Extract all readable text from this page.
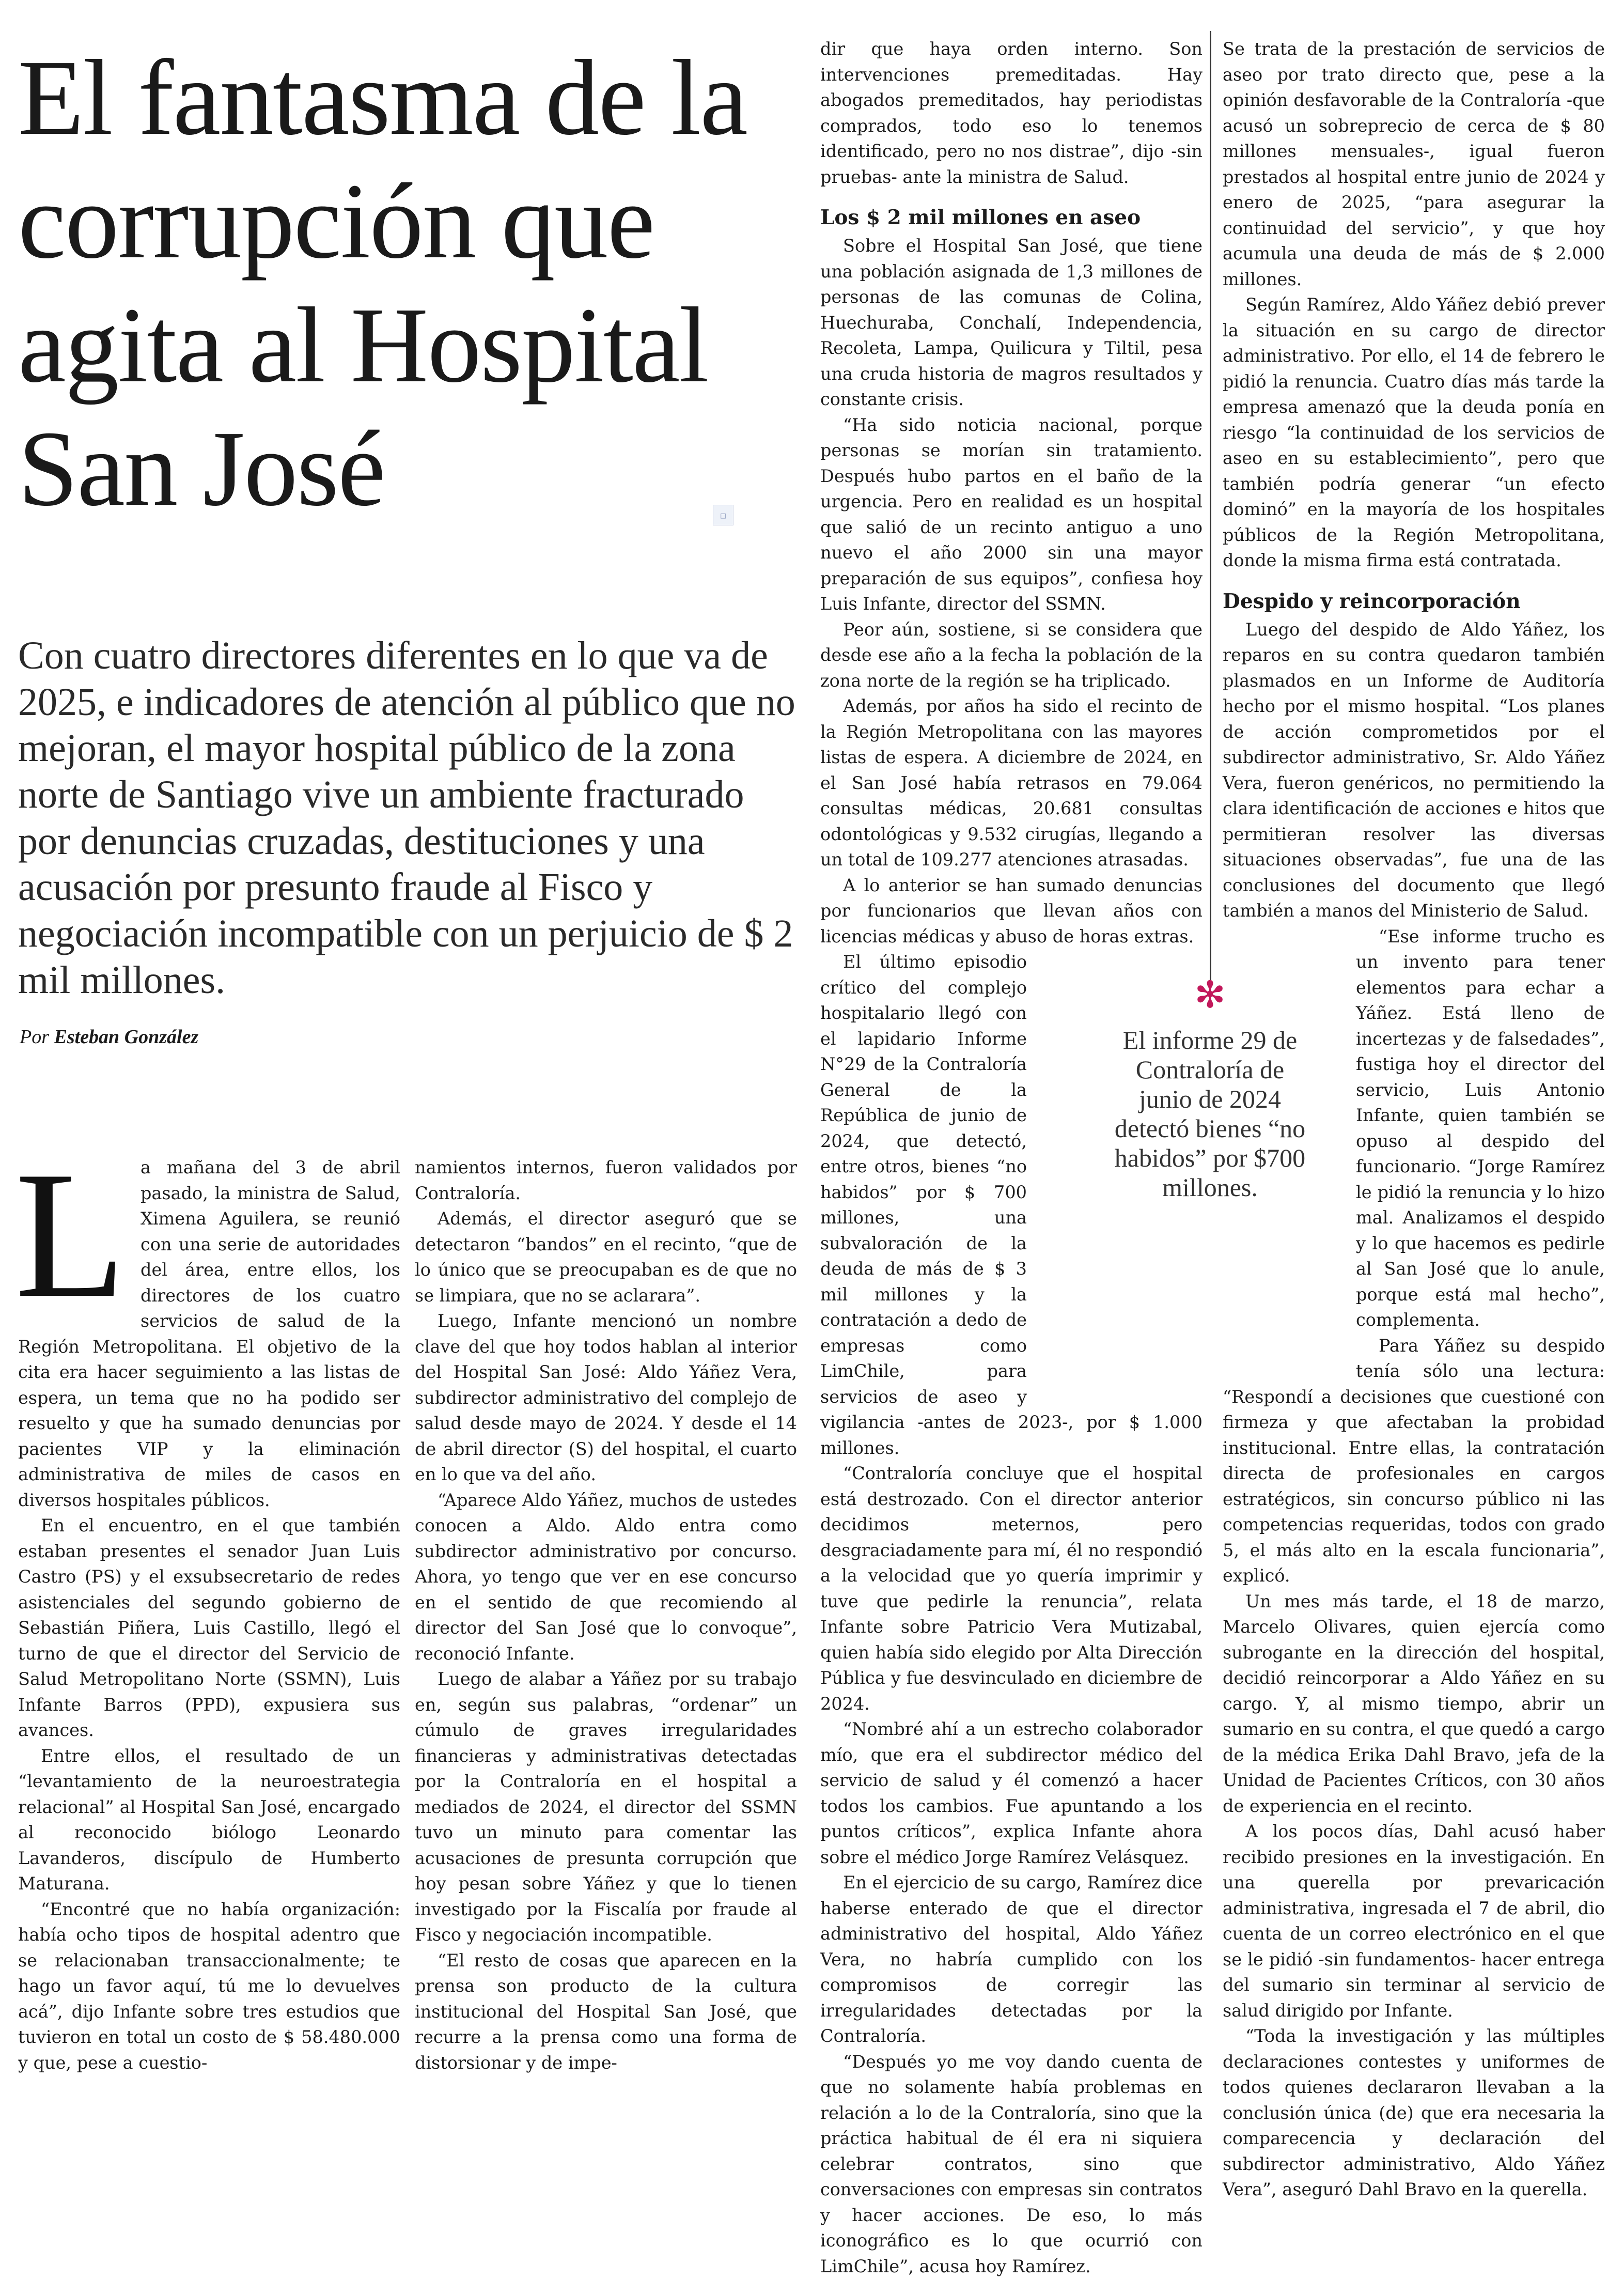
El fantasma de la corrupción que agita al Hospital San José	▫

Con cuatro directores diferentes en lo que va de 2025, e indicadores de atención al público que no mejoran, el mayor hospital público de la zona norte de Santiago vive un ambiente fracturado por denuncias cruzadas, destituciones y una acusación por presunto fraude al Fisco y negociación incompatible con un perjuicio de $ 2 mil millones.

Por Esteban González
L a mañana del 3 de abril pasado, la ministra de Salud, Ximena Aguilera, se reunió con una serie de autoridades del área, entre ellos, los directores de los cuatro servicios de salud de la Región Metropolitana. El objetivo de la cita era hacer seguimiento a las listas de espera, un tema que no ha podido ser resuelto y que ha sumado denuncias por pacientes VIP y la eliminación administrativa de miles de casos en diversos hospitales públicos.

En el encuentro, en el que también estaban presentes el senador Juan Luis Castro (PS) y el exsubsecretario de redes asistenciales del segundo gobierno de Sebastián Piñera, Luis Castillo, llegó el turno de que el director del Servicio de Salud Metropolitano Norte (SSMN), Luis Infante Barros (PPD), expusiera sus avances.

Entre ellos, el resultado de un “levantamiento de la neuroestrategia relacional” al Hospital San José, encargado al reconocido biólogo Leonardo Lavanderos, discípulo de Humberto Maturana.

“Encontré que no había organización: había ocho tipos de hospital adentro que se relacionaban transaccionalmente; te hago un favor aquí, tú me lo devuelves acá”, dijo Infante sobre tres estudios que tuvieron en total un costo de $ 58.480.000 y que, pese a cuestio-

namientos internos, fueron validados por Contraloría.

Además, el director aseguró que se detectaron “bandos” en el recinto, “que de lo único que se preocupaban es de que no se limpiara, que no se aclarara”.

Luego, Infante mencionó un nombre clave del que hoy todos hablan al interior del Hospital San José: Aldo Yáñez Vera, subdirector administrativo del complejo de salud desde mayo de 2024. Y desde el 14 de abril director (S) del hospital, el cuarto en lo que va del año.

“Aparece Aldo Yáñez, muchos de ustedes conocen a Aldo. Aldo entra como subdirector administrativo por concurso. Ahora, yo tengo que ver en ese concurso en el sentido de que recomiendo al director del San José que lo convoque”, reconoció Infante.

Luego de alabar a Yáñez por su trabajo en, según sus palabras, “ordenar” un cúmulo de graves irregularidades financieras y administrativas detectadas por la Contraloría en el hospital a mediados de 2024, el director del SSMN tuvo un minuto para comentar las acusaciones de presunta corrupción que hoy pesan sobre Yáñez y que lo tienen investigado por la Fiscalía por fraude al Fisco y negociación incompatible.

“El resto de cosas que aparecen en la prensa son producto de la cultura institucional del Hospital San José, que recurre a la prensa como una forma de distorsionar y de impe-

dir que haya orden interno. Son intervenciones premeditadas. Hay abogados premeditados, hay periodistas comprados, todo eso lo tenemos identificado, pero no nos distrae”, dijo -sin pruebas- ante la ministra de Salud.

Los $ 2 mil millones en aseo

Sobre el Hospital San José, que tiene una población asignada de 1,3 millones de personas de las comunas de Colina, Huechuraba, Conchalí, Independencia, Recoleta, Lampa, Quilicura y Tiltil, pesa una cruda historia de magros resultados y constante crisis.

“Ha sido noticia nacional, porque personas se morían sin tratamiento. Después hubo partos en el baño de la urgencia. Pero en realidad es un hospital que salió de un recinto antiguo a uno nuevo el año 2000 sin una mayor preparación de sus equipos”, confiesa hoy Luis Infante, director del SSMN.

Peor aún, sostiene, si se considera que desde ese año a la fecha la población de la zona norte de la región se ha triplicado.

Además, por años ha sido el recinto de la Región Metropolitana con las mayores listas de espera. A diciembre de 2024, en el San José había retrasos en 79.064 consultas médicas, 20.681 consultas odontológicas y 9.532 cirugías, llegando a un total de 109.277 atenciones atrasadas.

A lo anterior se han sumado denuncias por funcionarios que llevan años con licencias médicas y abuso de horas extras.

El último episodio crítico del complejo hospitalario llegó con el lapidario Informe N°29 de la Contraloría General de la República de junio de 2024, que detectó, entre otros, bienes “no habidos” por $ 700 millones, una subvaloración de la deuda de más de $ 3 mil millones y la contratación a dedo de empresas como LimChile, para servicios de aseo y vigilancia -antes de 2023-, por $ 1.000 millones.

“Contraloría concluye que el hospital está destrozado. Con el director anterior decidimos meternos, pero desgraciadamente para mí, él no respondió a la velocidad que yo quería imprimir y tuve que pedirle la renuncia”, relata Infante sobre Patricio Vera Mutizabal, quien había sido elegido por Alta Dirección Pública y fue desvinculado en diciembre de 2024.

“Nombré ahí a un estrecho colaborador mío, que era el subdirector médico del servicio de salud y él comenzó a hacer todos los cambios. Fue apuntando a los puntos críticos”, explica Infante ahora sobre el médico Jorge Ramírez Velásquez.

En el ejercicio de su cargo, Ramírez dice haberse enterado de que el director administrativo del hospital, Aldo Yáñez Vera, no habría cumplido con los compromisos de corregir las irregularidades detectadas por la Contraloría.

“Después yo me voy dando cuenta de que no solamente había problemas en relación a lo de la Contraloría, sino que la práctica habitual de él era ni siquiera celebrar contratos, sino que conversaciones con empresas sin contratos y hacer acciones. De eso, lo más iconográfico es lo que ocurrió con LimChile”, acusa hoy Ramírez.

Se trata de la prestación de servicios de aseo por trato directo que, pese a la opinión desfavorable de la Contraloría -que acusó un sobreprecio de cerca de $ 80 millones mensuales-, igual fueron prestados al hospital entre junio de 2024 y enero de 2025, “para asegurar la continuidad del servicio”, y que hoy acumula una deuda de más de $ 2.000 millones.

Según Ramírez, Aldo Yáñez debió prever la situación en su cargo de director administrativo. Por ello, el 14 de febrero le pidió la renuncia. Cuatro días más tarde la empresa amenazó que la deuda ponía en riesgo “la continuidad de los servicios de aseo en su establecimiento”, pero que también podría generar “un efecto dominó” en la mayoría de los hospitales públicos de la Región Metropolitana, donde la misma firma está contratada.

Despido y reincorporación

Luego del despido de Aldo Yáñez, los reparos en su contra quedaron también plasmados en un Informe de Auditoría hecho por el mismo hospital. “Los planes de acción comprometidos por el subdirector administrativo, Sr. Aldo Yáñez Vera, fueron genéricos, no permitiendo la clara identificación de acciones e hitos que permitieran resolver las diversas situaciones observadas”, fue una de las conclusiones del documento que llegó también a manos del Ministerio de Salud.

“Ese informe trucho es un invento para tener elementos para echar a Yáñez. Está lleno de incertezas y de falsedades”, fustiga hoy el director del servicio, Luis Antonio Infante, quien también se opuso al despido del funcionario. “Jorge Ramírez le pidió la renuncia y lo hizo mal. Analizamos el despido y lo que hacemos es pedirle al San José que lo anule, porque está mal hecho”, complementa.

Para Yáñez su despido tenía sólo una lectura: “Respondí a decisiones que cuestioné con firmeza y que afectaban la probidad institucional. Entre ellas, la contratación directa de profesionales en cargos estratégicos, sin concurso público ni las competencias requeridas, todos con grado 5, el más alto en la escala funcionaria”, explicó.

Un mes más tarde, el 18 de marzo, Marcelo Olivares, quien ejercía como subrogante en la dirección del hospital, decidió reincorporar a Aldo Yáñez en su cargo. Y, al mismo tiempo, abrir un sumario en su contra, el que quedó a cargo de la médica Erika Dahl Bravo, jefa de la Unidad de Pacientes Críticos, con 30 años de experiencia en el recinto.

A los pocos días, Dahl acusó haber recibido presiones en la investigación. En una querella por prevaricación administrativa, ingresada el 7 de abril, dio cuenta de un correo electrónico en el que se le pidió -sin fundamentos- hacer entrega del sumario sin terminar al servicio de salud dirigido por Infante.

“Toda la investigación y las múltiples declaraciones contestes y uniformes de todos quienes declararon llevaban a la conclusión única (de) que era necesaria la comparecencia y declaración del subdirector administrativo, Aldo Yáñez Vera”, aseguró Dahl Bravo en la querella.

✻
El informe 29 de Contraloría de junio de 2024 detectó bienes “no habidos” por $700 millones.
